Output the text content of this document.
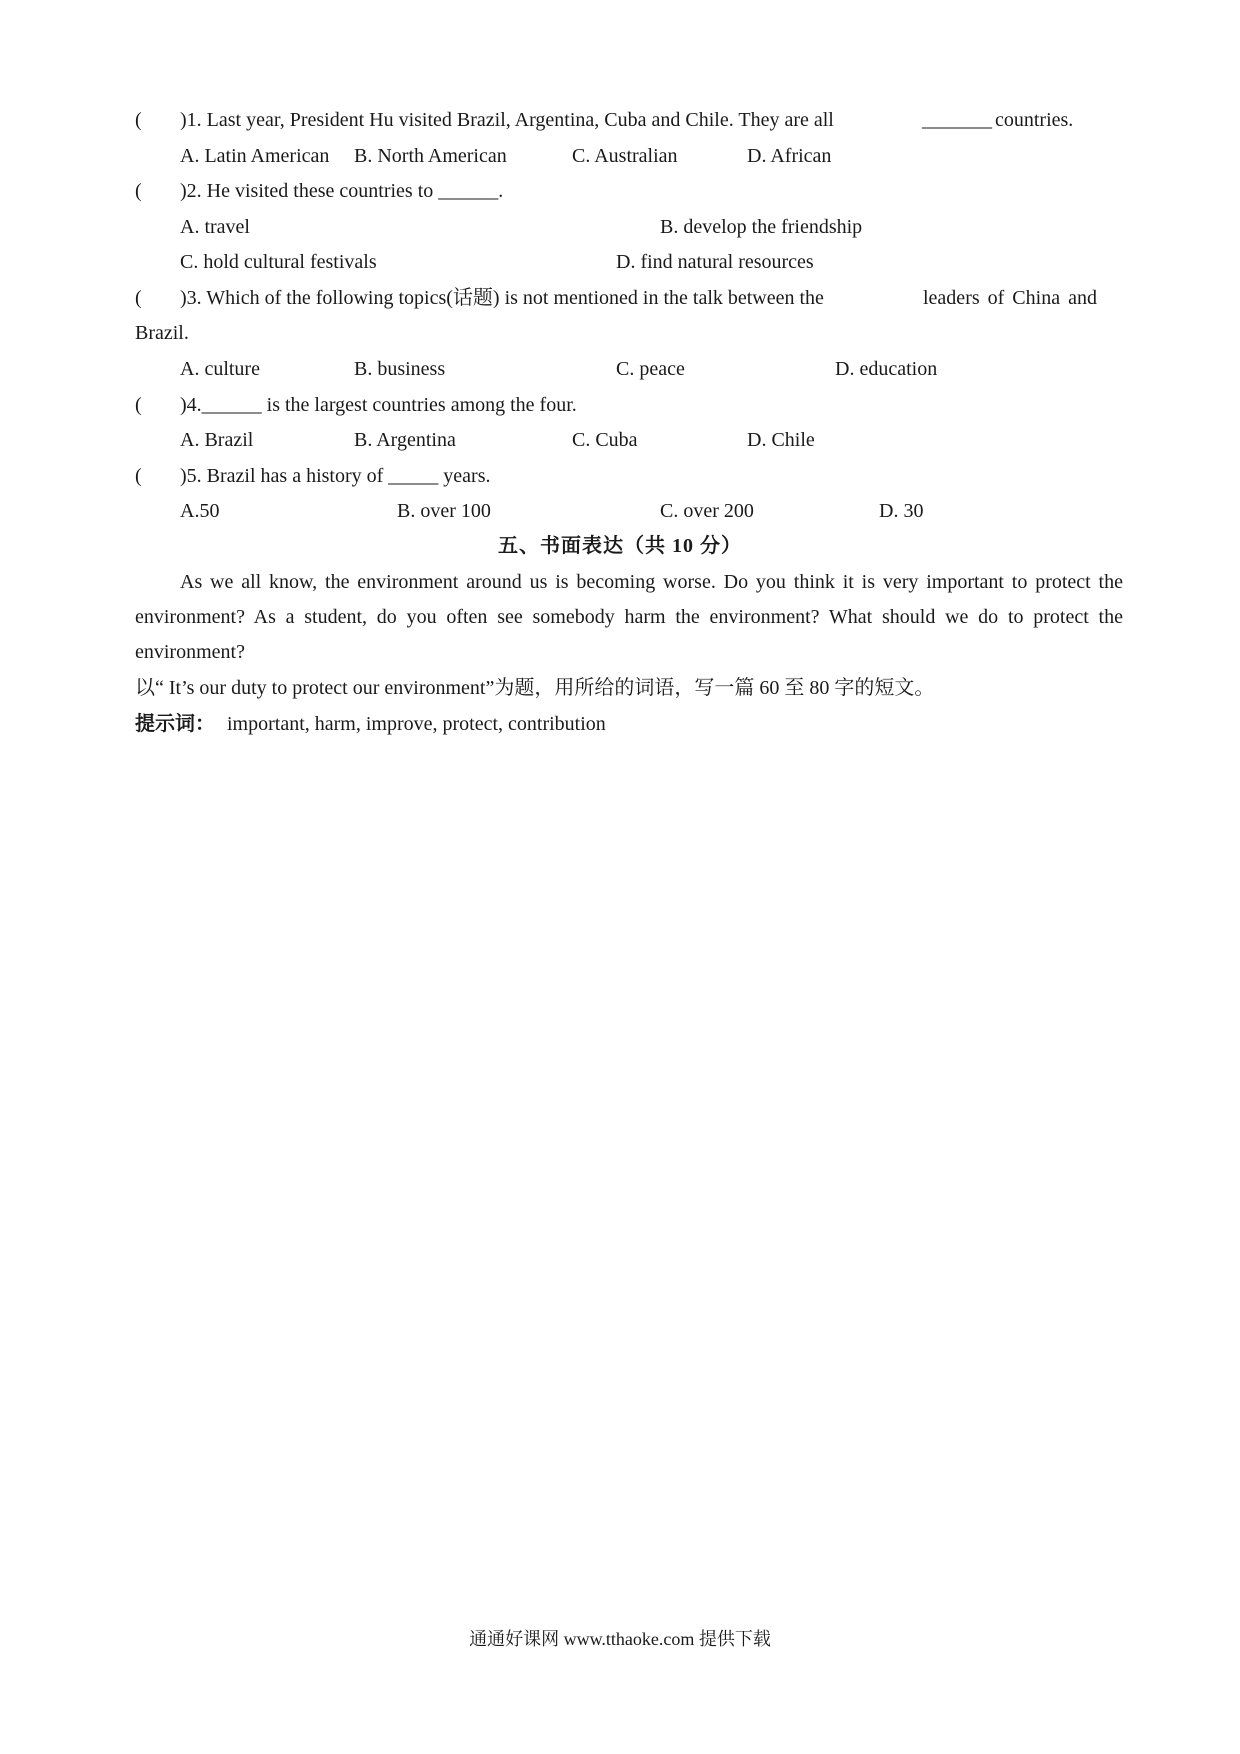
( )1. Last year, President Hu visited Brazil, Argentina, Cuba and Chile. They are all	_______ countries.
A. Latin American B. North American	C. Australian	D. African
( )2. He visited these countries to ______.
A. travel	B. develop the friendship
C. hold cultural festivals	D. find natural resources
( )3. Which of the following topics(话题) is not mentioned in the talk between the	leaders of China and
Brazil.
A. culture	B. business	C. peace	D. education
( )4.______ is the largest countries among the four.
A. Brazil	B. Argentina	C. Cuba	D. Chile
( )5. Brazil has a history of _____ years.
A.50	B. over 100	C. over 200	D. 30
五、书面表达（共 10 分）
As we all know, the environment around us is becoming worse. Do you think it is very important to protect the environment? As a student, do you often see somebody harm the environment? What should we do to protect the environment?
以“ It’s our duty to protect our environment”为题，用所给的词语，写一篇 60 至 80 字的短文。
提示词： important, harm, improve, protect, contribution
通通好课网 www.tthaoke.com 提供下载
